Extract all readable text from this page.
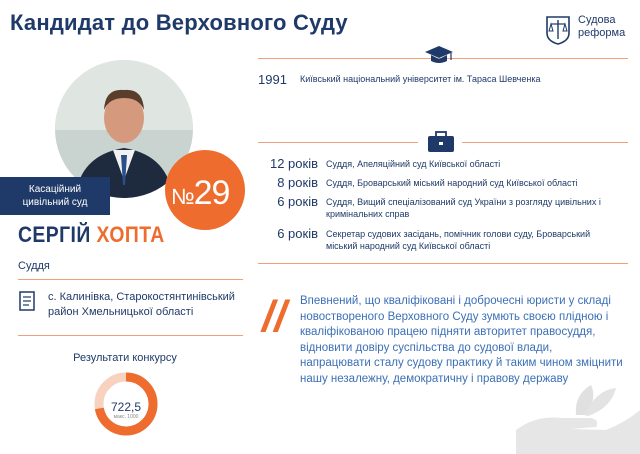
Кандидат до Верховного Суду	Судова
реформа
Касаційний
цивільний суд	№29
СЕРГІЙ ХОПТА
Суддя
с. Калинівка, Старокостянтинівський
район Хмельницької області
Результати конкурсу
722,5
макс. 1000
1991 Київський національний університет ім. Тараса Шевченка
12 років Суддя, Апеляційний суд Київської області
8 років Суддя, Броварський міський народний суд Київської області
6 років Суддя, Вищий спеціалізований суд України з розгляду цивільних і кримінальних справ
6 років Секретар судових засідань, помічник голови суду, Броварський міський народний суд Київської області
// Впевнений, що кваліфіковані і доброчесні юристи у складі новоствореного Верховного Суду зумють своєю плідною і кваліфікованою працею підняти авторитет правосуддя, відновити довіру суспільства до судової влади, напрацювати сталу судову практику й таким чином зміцнити нашу незалежну, демократичну і правову державу
